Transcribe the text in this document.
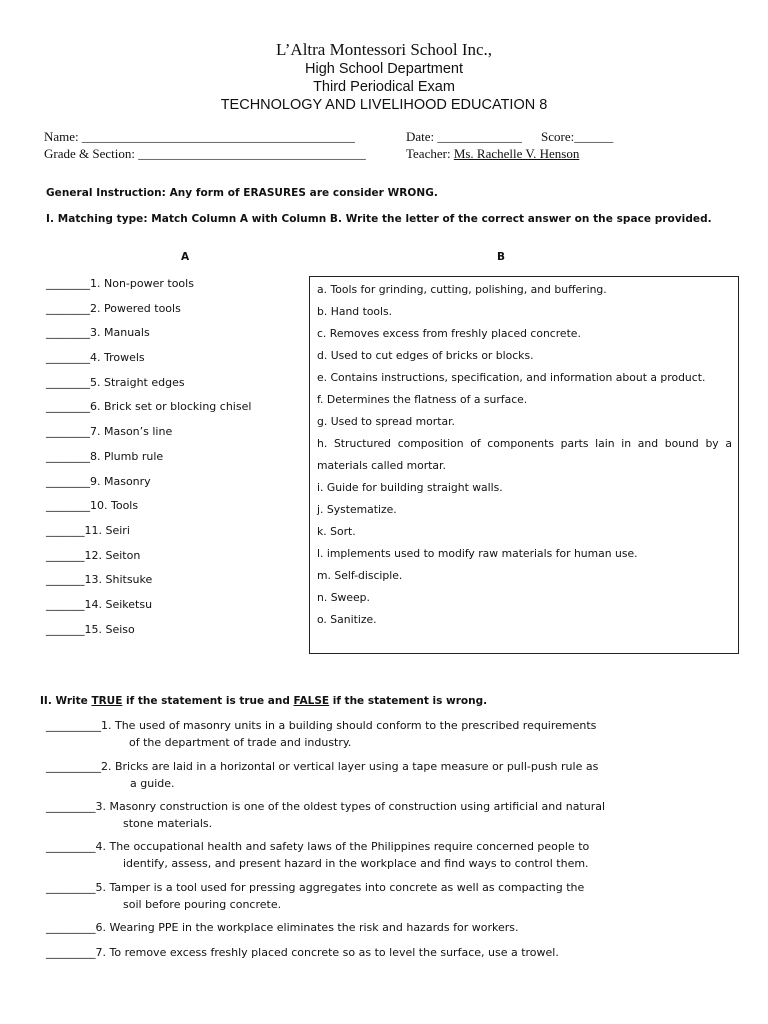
L’Altra Montessori School Inc.,
High School Department
Third Periodical Exam
TECHNOLOGY AND LIVELIHOOD EDUCATION 8
Name: __________________________________________	Date: _____________ Score:______
Grade & Section: ___________________________________	Teacher: Ms. Rachelle V. Henson
General Instruction: Any form of ERASURES are consider WRONG.
I. Matching type: Match Column A with Column B. Write the letter of the correct answer on the space provided.
A	B
________1. Non-power tools
________2. Powered tools
________3. Manuals
________4. Trowels
________5. Straight edges
________6. Brick set or blocking chisel
________7. Mason’s line
________8. Plumb rule
________9. Masonry
________10. Tools
_______11. Seiri
_______12. Seiton
_______13. Shitsuke
_______14. Seiketsu
_______15. Seiso
a. Tools for grinding, cutting, polishing, and buffering.
b. Hand tools.
c. Removes excess from freshly placed concrete.
d. Used to cut edges of bricks or blocks.
e. Contains instructions, specification, and information about a product.
f. Determines the flatness of a surface.
g. Used to spread mortar.
h. Structured composition of components parts lain in and bound by a materials called mortar.
i. Guide for building straight walls.
j. Systematize.
k. Sort.
l. implements used to modify raw materials for human use.
m. Self-disciple.
n. Sweep.
o. Sanitize.
II. Write TRUE if the statement is true and FALSE if the statement is wrong.
__________1. The used of masonry units in a building should conform to the prescribed requirements
of the department of trade and industry.
__________2. Bricks are laid in a horizontal or vertical layer using a tape measure or pull-push rule as
a guide.
_________3. Masonry construction is one of the oldest types of construction using artificial and natural
stone materials.
_________4. The occupational health and safety laws of the Philippines require concerned people to
identify, assess, and present hazard in the workplace and find ways to control them.
_________5. Tamper is a tool used for pressing aggregates into concrete as well as compacting the
soil before pouring concrete.
_________6. Wearing PPE in the workplace eliminates the risk and hazards for workers.
_________7. To remove excess freshly placed concrete so as to level the surface, use a trowel.
